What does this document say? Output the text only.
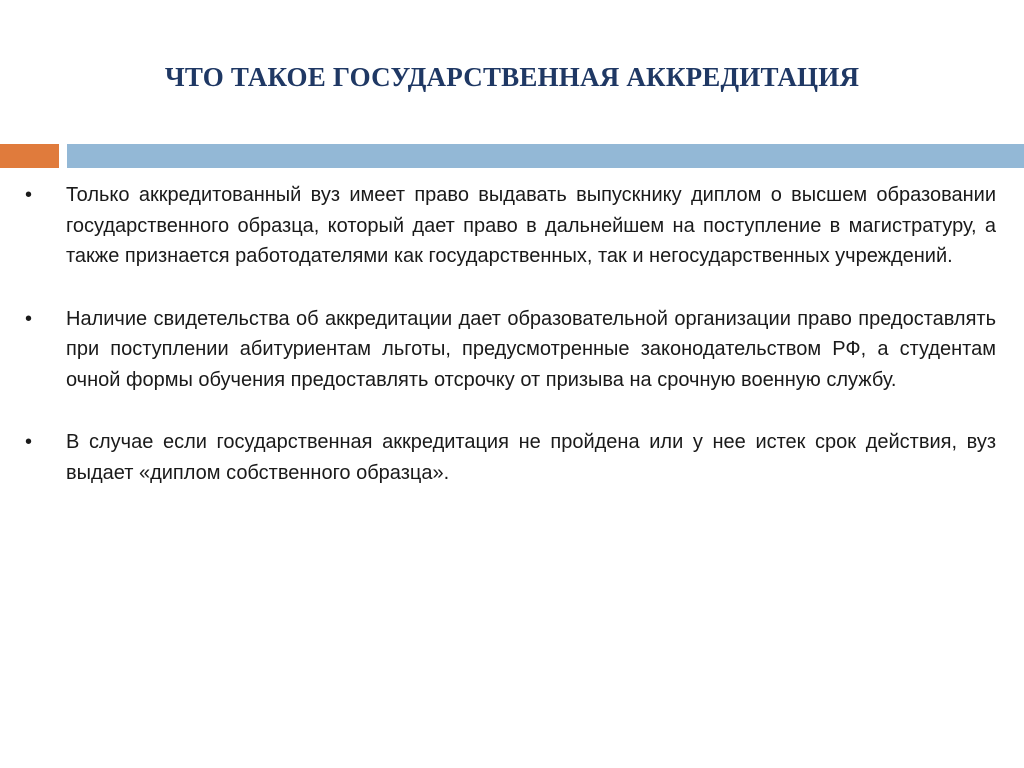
ЧТО ТАКОЕ ГОСУДАРСТВЕННАЯ АККРЕДИТАЦИЯ
• Только аккредитованный вуз имеет право выдавать выпускнику диплом о высшем образовании государственного образца, который дает право в дальнейшем на поступление в магистратуру, а также признается работодателями как государственных, так и негосударственных учреждений.
• Наличие свидетельства об аккредитации дает образовательной организации право предоставлять при поступлении абитуриентам льготы, предусмотренные законодательством РФ, а студентам очной формы обучения предоставлять отсрочку от призыва на срочную военную службу.
• В случае если государственная аккредитация не пройдена или у нее истек срок действия, вуз выдает «диплом собственного образца».
